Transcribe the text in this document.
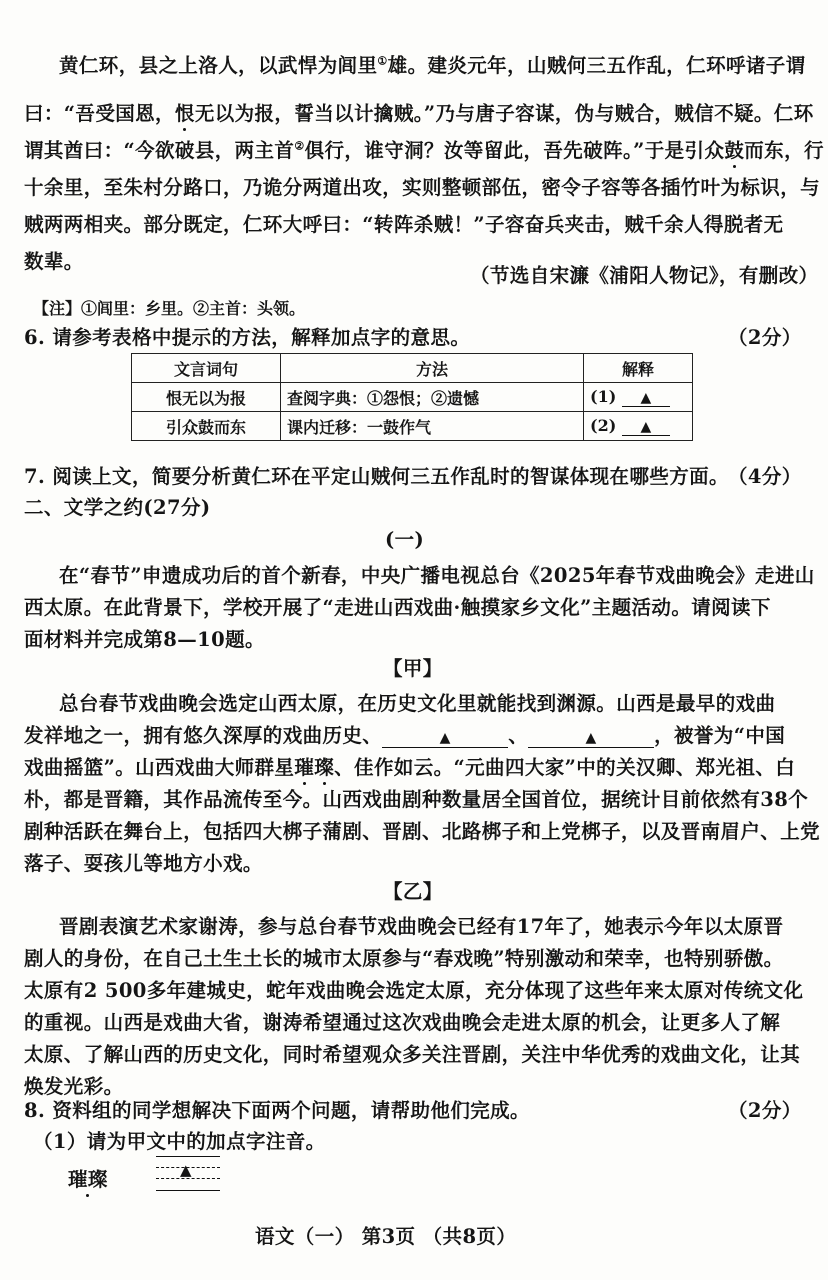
黄仁环，县之上洛人，以武悍为闾里①雄。建炎元年，山贼何三五作乱，仁环呼诸子谓
曰：“吾受国恩，恨无以为报，誓当以计擒贼。”乃与唐子容谋，伪与贼合，贼信不疑。仁环
谓其酋曰：“今欲破县，两主首②俱行，谁守洞？汝等留此，吾先破阵。”于是引众鼓而东，行
十余里，至朱村分路口，乃诡分两道出攻，实则整顿部伍，密令子容等各插竹叶为标识，与
贼两两相夹。部分既定，仁环大呼曰：“转阵杀贼！”子容奋兵夹击，贼千余人得脱者无
数辈。
（节选自宋濂《浦阳人物记》，有删改）
【注】①闾里：乡里。②主首：头领。
6. 请参考表格中提示的方法，解释加点字的意思。	（2分）
文言词句	方法	解释
恨无以为报	查阅字典：①怨恨；②遗憾	(1) ▲
引众鼓而东	课内迁移：一鼓作气	(2) ▲
7. 阅读上文，简要分析黄仁环在平定山贼何三五作乱时的智谋体现在哪些方面。 （4分）
二、文学之约(27分)
(一)
在“春节”申遗成功后的首个新春，中央广播电视总台《2025年春节戏曲晚会》走进山
西太原。在此背景下，学校开展了“走进山西戏曲·触摸家乡文化”主题活动。请阅读下
面材料并完成第8—10题。
【甲】
总台春节戏曲晚会选定山西太原，在历史文化里就能找到渊源。山西是最早的戏曲
发祥地之一，拥有悠久深厚的戏曲历史、	▲	、	▲	，被誉为“中国
戏曲摇篮”。山西戏曲大师群星璀璨、佳作如云。“元曲四大家”中的关汉卿、郑光祖、白
朴，都是晋籍，其作品流传至今。山西戏曲剧种数量居全国首位，据统计目前依然有38个
剧种活跃在舞台上，包括四大梆子蒲剧、晋剧、北路梆子和上党梆子，以及晋南眉户、上党
落子、耍孩儿等地方小戏。
【乙】
晋剧表演艺术家谢涛，参与总台春节戏曲晚会已经有17年了，她表示今年以太原晋
剧人的身份，在自己土生土长的城市太原参与“春戏晚”特别激动和荣幸，也特别骄傲。
太原有2 500多年建城史，蛇年戏曲晚会选定太原，充分体现了这些年来太原对传统文化
的重视。山西是戏曲大省，谢涛希望通过这次戏曲晚会走进太原的机会，让更多人了解
太原、了解山西的历史文化，同时希望观众多关注晋剧，关注中华优秀的戏曲文化，让其
焕发光彩。
8. 资料组的同学想解决下面两个问题，请帮助他们完成。	（2分）
（1）请为甲文中的加点字注音。
璀璨	▲
语文（一） 第3页 （共8页）
